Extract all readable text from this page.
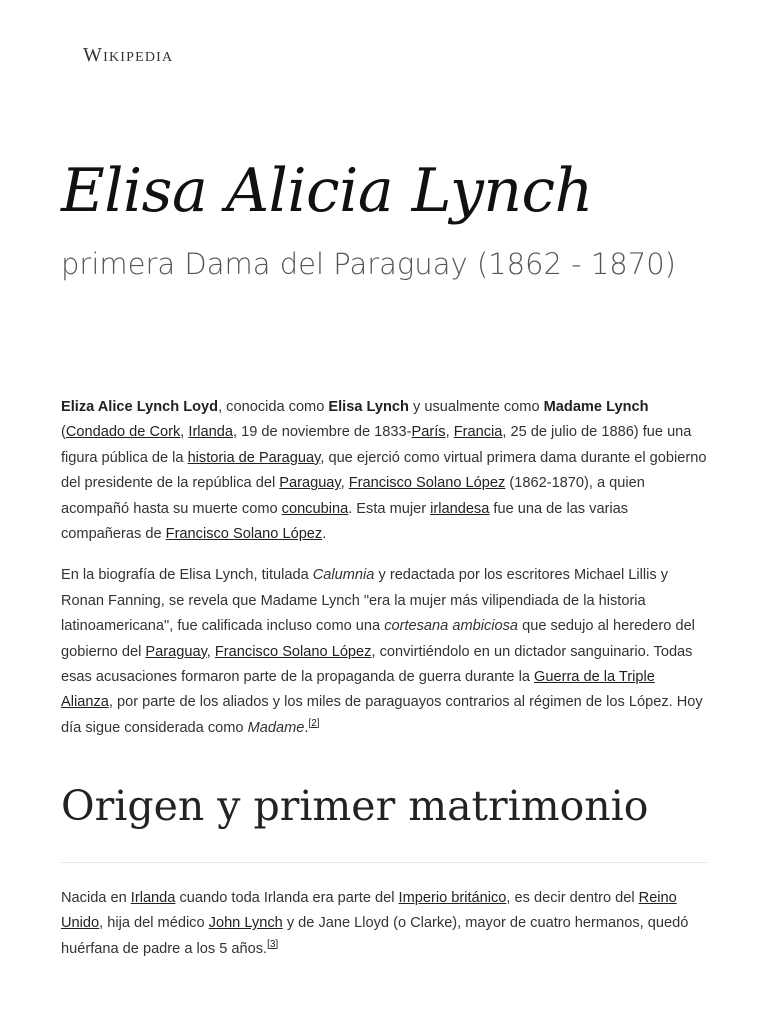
Wikipedia
Elisa Alicia Lynch
primera Dama del Paraguay (1862 - 1870)

Eliza Alice Lynch Loyd, conocida como Elisa Lynch y usualmente como Madame Lynch (Condado de Cork, Irlanda, 19 de noviembre de 1833-París, Francia, 25 de julio de 1886) fue una figura pública de la historia de Paraguay, que ejerció como virtual primera dama durante el gobierno del presidente de la república del Paraguay, Francisco Solano López (1862-1870), a quien acompañó hasta su muerte como concubina. Esta mujer irlandesa fue una de las varias compañeras de Francisco Solano López.

En la biografía de Elisa Lynch, titulada Calumnia y redactada por los escritores Michael Lillis y Ronan Fanning, se revela que Madame Lynch "era la mujer más vilipendiada de la historia latinoamericana", fue calificada incluso como una cortesana ambiciosa que sedujo al heredero del gobierno del Paraguay, Francisco Solano López, convirtiéndolo en un dictador sanguinario. Todas esas acusaciones formaron parte de la propaganda de guerra durante la Guerra de la Triple Alianza, por parte de los aliados y los miles de paraguayos contrarios al régimen de los López. Hoy día sigue considerada como Madame.[2]

Origen y primer matrimonio

Nacida en Irlanda cuando toda Irlanda era parte del Imperio británico, es decir dentro del Reino Unido, hija del médico John Lynch y de Jane Lloyd (o Clarke), mayor de cuatro hermanos, quedó huérfana de padre a los 5 años.[3]
